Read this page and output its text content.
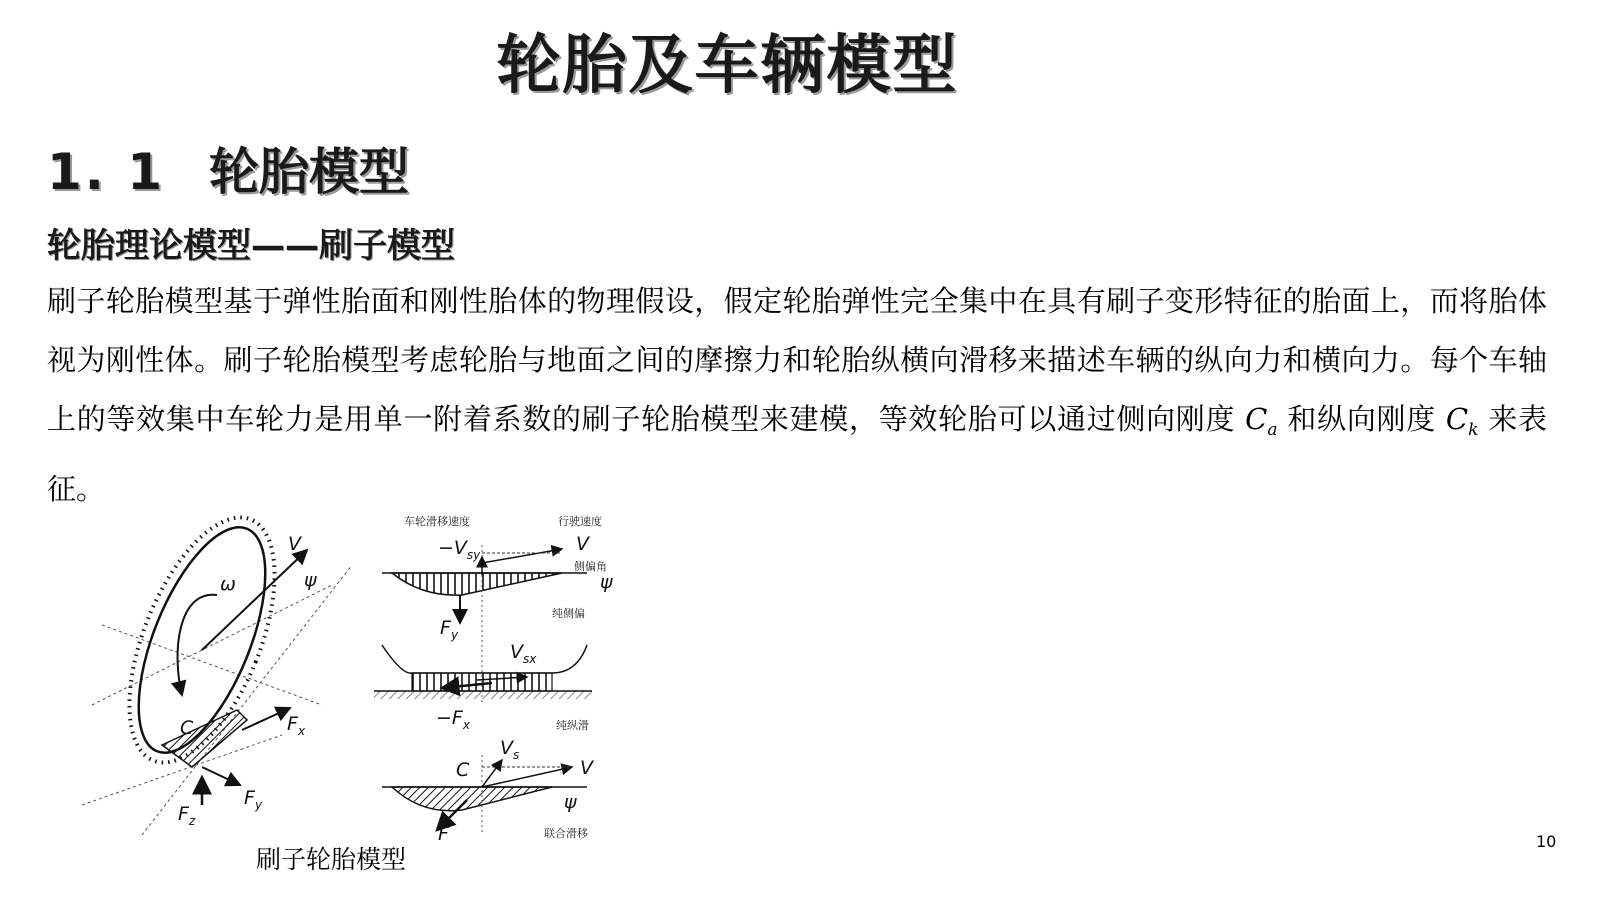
轮胎及车辆模型
1. 1 轮胎模型
轮胎理论模型——刷子模型
刷子轮胎模型基于弹性胎面和刚性胎体的物理假设，假定轮胎弹性完全集中在具有刷子变形特征的胎面上，而将胎体视为刚性体。刷子轮胎模型考虑轮胎与地面之间的摩擦力和轮胎纵横向滑移来描述车辆的纵向力和横向力。每个车轴上的等效集中车轮力是用单一附着系数的刷子轮胎模型来建模，等效轮胎可以通过侧向刚度 $C_a$ 和纵向刚度 $C_k$ 来表征。
V
ψ
ω
C	$F_x$
$F_y$
$F_z$
车轮滑移速度	行驶速度
$-V_{sy}$	V
侧偏角
ψ
$F_y$
纯侧偏
$V_{sx}$
$-F_x$	纯纵滑
$V_s$
C	V
ψ
F	联合滑移
刷子轮胎模型
10
